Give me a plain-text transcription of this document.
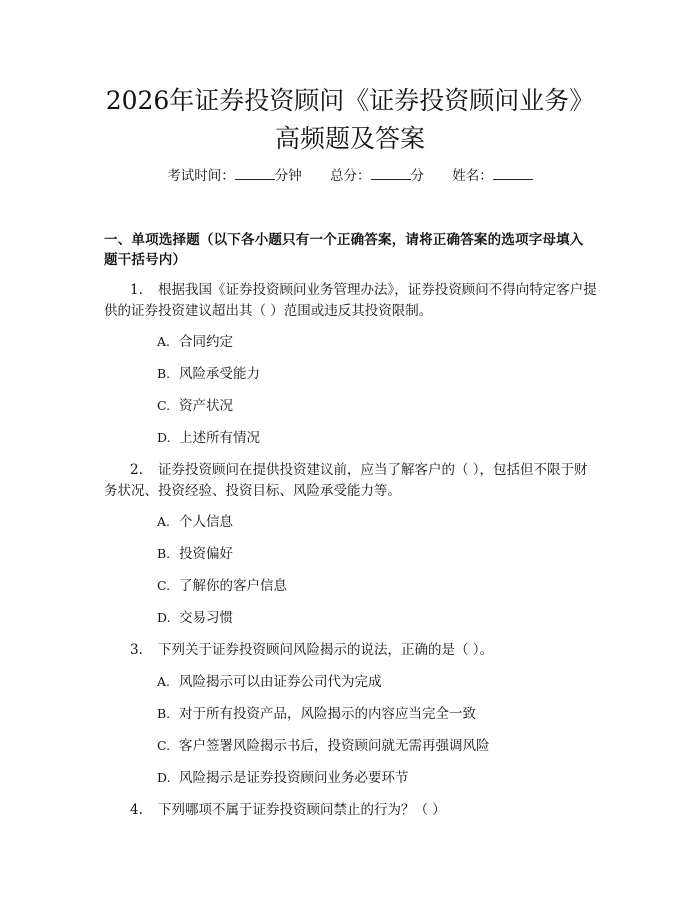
2026年证券投资顾问《证券投资顾问业务》
高频题及答案
考试时间：	分钟 总分：	分 姓名：
一、单项选择题（以下各小题只有一个正确答案，请将正确答案的选项字母填入题干括号内）
1. 根据我国《证券投资顾问业务管理办法》，证券投资顾问不得向特定客户提供的证券投资建议超出其（ ）范围或违反其投资限制。
A. 合同约定
B. 风险承受能力
C. 资产状况
D. 上述所有情况
2. 证券投资顾问在提供投资建议前，应当了解客户的（ ），包括但不限于财务状况、投资经验、投资目标、风险承受能力等。
A. 个人信息
B. 投资偏好
C. 了解你的客户信息
D. 交易习惯
3. 下列关于证券投资顾问风险揭示的说法，正确的是（ ）。
A. 风险揭示可以由证券公司代为完成
B. 对于所有投资产品，风险揭示的内容应当完全一致
C. 客户签署风险揭示书后，投资顾问就无需再强调风险
D. 风险揭示是证券投资顾问业务必要环节
4. 下列哪项不属于证券投资顾问禁止的行为？（ ）
